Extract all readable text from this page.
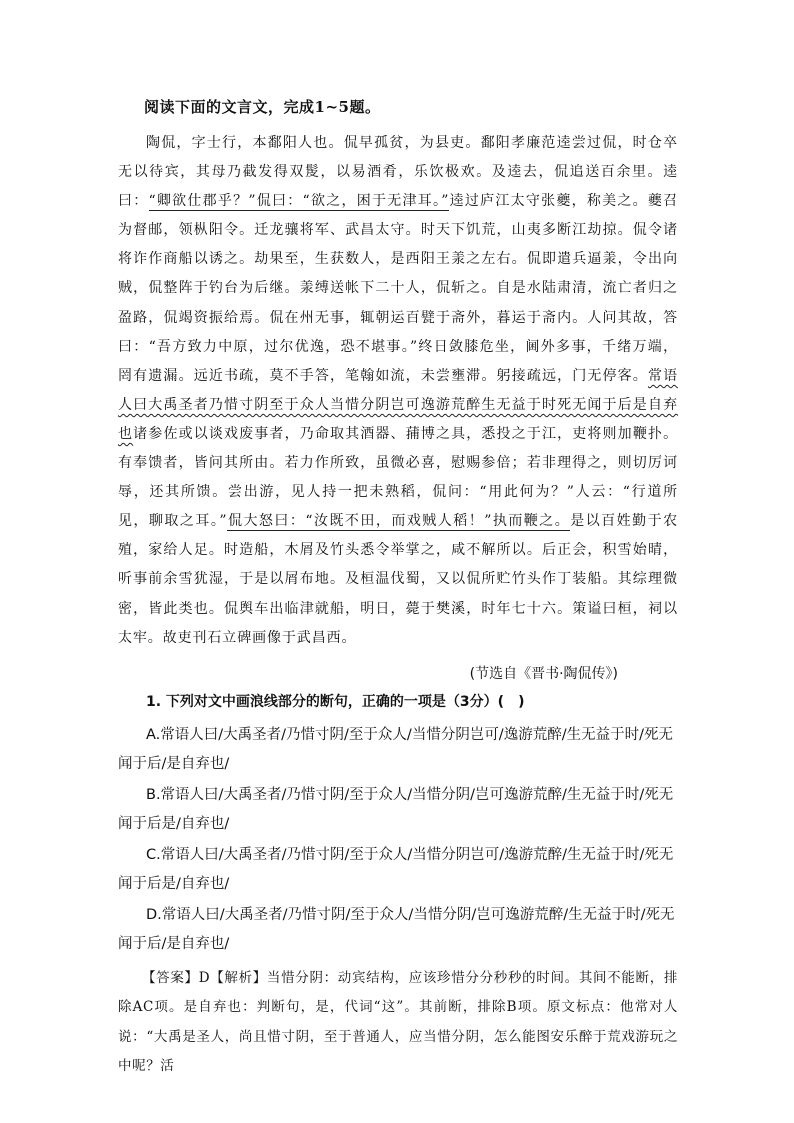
阅读下面的文言文，完成1~5题。

陶侃，字士行，本鄱阳人也。侃早孤贫，为县吏。鄱阳孝廉范逵尝过侃，时仓卒无以待宾，其母乃截发得双髲，以易酒肴，乐饮极欢。及逵去，侃追送百余里。逵曰：“卿欲仕郡乎？”侃曰：“欲之，困于无津耳。”逵过庐江太守张夔，称美之。夔召为督邮，领枞阳令。迁龙骧将军、武昌太守。时天下饥荒，山夷多断江劫掠。侃令诸将诈作商船以诱之。劫果至，生获数人，是西阳王羕之左右。侃即遣兵逼羕，令出向贼，侃整阵于钓台为后继。羕缚送帐下二十人，侃斩之。自是水陆肃清，流亡者归之盈路，侃竭资振给焉。侃在州无事，辄朝运百甓于斋外，暮运于斋内。人问其故，答曰：“吾方致力中原，过尔优逸，恐不堪事。”终日敛膝危坐，阃外多事，千绪万端，罔有遗漏。远近书疏，莫不手答，笔翰如流，未尝壅滞。躬接疏远，门无停客。常语人曰大禹圣者乃惜寸阴至于众人当惜分阴岂可逸游荒醉生无益于时死无闻于后是自弃也诸参佐或以谈戏废事者，乃命取其酒器、蒱博之具，悉投之于江，吏将则加鞭扑。有奉馈者，皆问其所由。若力作所致，虽微必喜，慰赐参倍；若非理得之，则切厉诃辱，还其所馈。尝出游，见人持一把未熟稻，侃问：“用此何为？”人云：“行道所见，聊取之耳。”侃大怒曰：“汝既不田，而戏贼人稻！”执而鞭之。是以百姓勤于农殖，家给人足。时造船，木屑及竹头悉令举掌之，咸不解所以。后正会，积雪始晴，听事前余雪犹湿，于是以屑布地。及桓温伐蜀，又以侃所贮竹头作丁装船。其综理微密，皆此类也。侃舆车出临津就船，明日，薨于樊溪，时年七十六。策谥曰桓，祠以太牢。故吏刊石立碑画像于武昌西。

(节选自《晋书·陶侃传》)
1. 下列对文中画浪线部分的断句，正确的一项是（3分）(　)
A.常语人曰/大禹圣者/乃惜寸阴/至于众人/当惜分阴岂可/逸游荒醉/生无益于时/死无
闻于后/是自弃也/
B.常语人曰/大禹圣者/乃惜寸阴/至于众人/当惜分阴/岂可逸游荒醉/生无益于时/死无
闻于后是/自弃也/
C.常语人曰/大禹圣者/乃惜寸阴/至于众人/当惜分阴岂可/逸游荒醉/生无益于时/死无
闻于后是/自弃也/
D.常语人曰/大禹圣者/乃惜寸阴/至于众人/当惜分阴/岂可逸游荒醉/生无益于时/死无
闻于后/是自弃也/

【答案】D【解析】当惜分阴：动宾结构，应该珍惜分分秒秒的时间。其间不能断，排除AC项。是自弃也：判断句，是，代词“这”。其前断，排除B项。原文标点：他常对人说：“大禹是圣人，尚且惜寸阴，至于普通人，应当惜分阴，怎么能图安乐醉于荒戏游玩之中呢？活
